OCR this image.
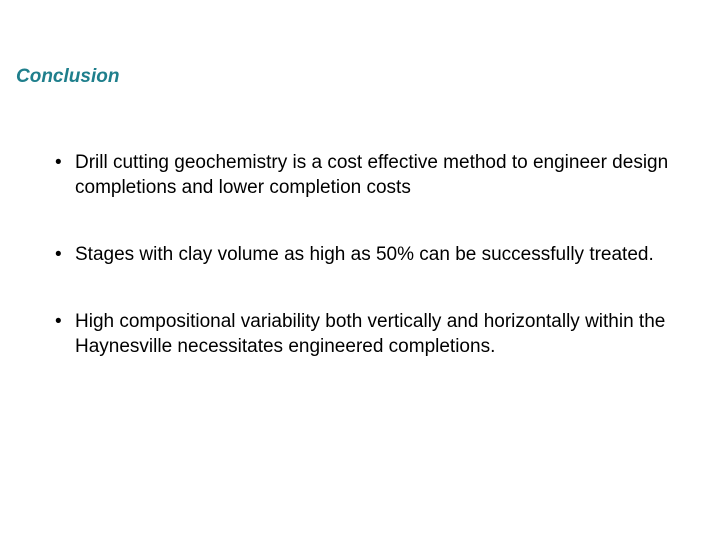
Conclusion
• Drill cutting geochemistry is a cost effective method to engineer design completions and lower completion costs
• Stages with clay volume as high as 50% can be successfully treated.
• High compositional variability both vertically and horizontally within the Haynesville necessitates engineered completions.
